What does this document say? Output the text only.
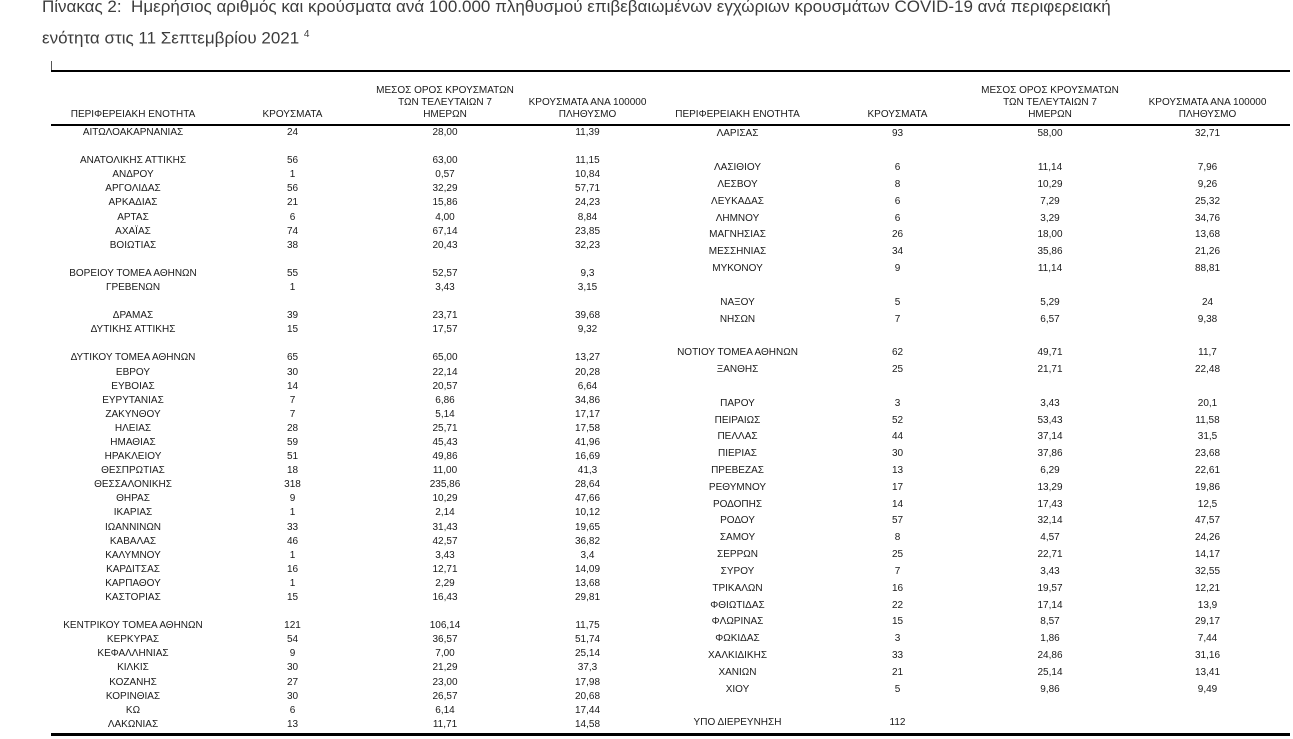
Πίνακας 2:  Ημερήσιος αριθμός και κρούσματα ανά 100.000 πληθυσμού επιβεβαιωμένων εγχώριων κρουσμάτων COVID-19 ανά περιφερειακή
ενότητα στις 11 Σεπτεμβρίου 2021 $^4$
ΠΕΡΙΦΕΡΕΙΑΚΗ ΕΝΟΤΗΤΑ	ΚΡΟΥΣΜΑΤΑ	ΜΕΣΟΣ ΟΡΟΣ ΚΡΟΥΣΜΑΤΩΝ ΤΩΝ ΤΕΛΕΥΤΑΙΩΝ 7 ΗΜΕΡΩΝ	ΚΡΟΥΣΜΑΤΑ ΑΝΑ 100000 ΠΛΗΘΥΣΜΟ
ΑΙΤΩΛΟΑΚΑΡΝΑΝΙΑΣ	24	28,00	11,39

ΑΝΑΤΟΛΙΚΗΣ ΑΤΤΙΚΗΣ	56	63,00	11,15
ΑΝΔΡΟΥ	1	0,57	10,84
ΑΡΓΟΛΙΔΑΣ	56	32,29	57,71
ΑΡΚΑΔΙΑΣ	21	15,86	24,23
ΑΡΤΑΣ	6	4,00	8,84
ΑΧΑΪΑΣ	74	67,14	23,85
ΒΟΙΩΤΙΑΣ	38	20,43	32,23

ΒΟΡΕΙΟΥ ΤΟΜΕΑ ΑΘΗΝΩΝ	55	52,57	9,3
ΓΡΕΒΕΝΩΝ	1	3,43	3,15

ΔΡΑΜΑΣ	39	23,71	39,68
ΔΥΤΙΚΗΣ ΑΤΤΙΚΗΣ	15	17,57	9,32

ΔΥΤΙΚΟΥ ΤΟΜΕΑ ΑΘΗΝΩΝ	65	65,00	13,27
ΕΒΡΟΥ	30	22,14	20,28
ΕΥΒΟΙΑΣ	14	20,57	6,64
ΕΥΡΥΤΑΝΙΑΣ	7	6,86	34,86
ΖΑΚΥΝΘΟΥ	7	5,14	17,17
ΗΛΕΙΑΣ	28	25,71	17,58
ΗΜΑΘΙΑΣ	59	45,43	41,96
ΗΡΑΚΛΕΙΟΥ	51	49,86	16,69
ΘΕΣΠΡΩΤΙΑΣ	18	11,00	41,3
ΘΕΣΣΑΛΟΝΙΚΗΣ	318	235,86	28,64
ΘΗΡΑΣ	9	10,29	47,66
ΙΚΑΡΙΑΣ	1	2,14	10,12
ΙΩΑΝΝΙΝΩΝ	33	31,43	19,65
ΚΑΒΑΛΑΣ	46	42,57	36,82
ΚΑΛΥΜΝΟΥ	1	3,43	3,4
ΚΑΡΔΙΤΣΑΣ	16	12,71	14,09
ΚΑΡΠΑΘΟΥ	1	2,29	13,68
ΚΑΣΤΟΡΙΑΣ	15	16,43	29,81

ΚΕΝΤΡΙΚΟΥ ΤΟΜΕΑ ΑΘΗΝΩΝ	121	106,14	11,75
ΚΕΡΚΥΡΑΣ	54	36,57	51,74
ΚΕΦΑΛΛΗΝΙΑΣ	9	7,00	25,14
ΚΙΛΚΙΣ	30	21,29	37,3
ΚΟΖΑΝΗΣ	27	23,00	17,98
ΚΟΡΙΝΘΙΑΣ	30	26,57	20,68
ΚΩ	6	6,14	17,44
ΛΑΚΩΝΙΑΣ	13	11,71	14,58
ΠΕΡΙΦΕΡΕΙΑΚΗ ΕΝΟΤΗΤΑ	ΚΡΟΥΣΜΑΤΑ	ΜΕΣΟΣ ΟΡΟΣ ΚΡΟΥΣΜΑΤΩΝ ΤΩΝ ΤΕΛΕΥΤΑΙΩΝ 7 ΗΜΕΡΩΝ	ΚΡΟΥΣΜΑΤΑ ΑΝΑ 100000 ΠΛΗΘΥΣΜΟ
ΛΑΡΙΣΑΣ	93	58,00	32,71

ΛΑΣΙΘΙΟΥ	6	11,14	7,96
ΛΕΣΒΟΥ	8	10,29	9,26
ΛΕΥΚΑΔΑΣ	6	7,29	25,32
ΛΗΜΝΟΥ	6	3,29	34,76
ΜΑΓΝΗΣΙΑΣ	26	18,00	13,68
ΜΕΣΣΗΝΙΑΣ	34	35,86	21,26
ΜΥΚΟΝΟΥ	9	11,14	88,81

ΝΑΞΟΥ	5	5,29	24
ΝΗΣΩΝ	7	6,57	9,38

ΝΟΤΙΟΥ ΤΟΜΕΑ ΑΘΗΝΩΝ	62	49,71	11,7
ΞΑΝΘΗΣ	25	21,71	22,48

ΠΑΡΟΥ	3	3,43	20,1
ΠΕΙΡΑΙΩΣ	52	53,43	11,58
ΠΕΛΛΑΣ	44	37,14	31,5
ΠΙΕΡΙΑΣ	30	37,86	23,68
ΠΡΕΒΕΖΑΣ	13	6,29	22,61
ΡΕΘΥΜΝΟΥ	17	13,29	19,86
ΡΟΔΟΠΗΣ	14	17,43	12,5
ΡΟΔΟΥ	57	32,14	47,57
ΣΑΜΟΥ	8	4,57	24,26
ΣΕΡΡΩΝ	25	22,71	14,17
ΣΥΡΟΥ	7	3,43	32,55
ΤΡΙΚΑΛΩΝ	16	19,57	12,21
ΦΘΙΩΤΙΔΑΣ	22	17,14	13,9
ΦΛΩΡΙΝΑΣ	15	8,57	29,17
ΦΩΚΙΔΑΣ	3	1,86	7,44
ΧΑΛΚΙΔΙΚΗΣ	33	24,86	31,16
ΧΑΝΙΩΝ	21	25,14	13,41
ΧΙΟΥ	5	9,86	9,49

ΥΠΟ ΔΙΕΡΕΥΝΗΣΗ	112		
